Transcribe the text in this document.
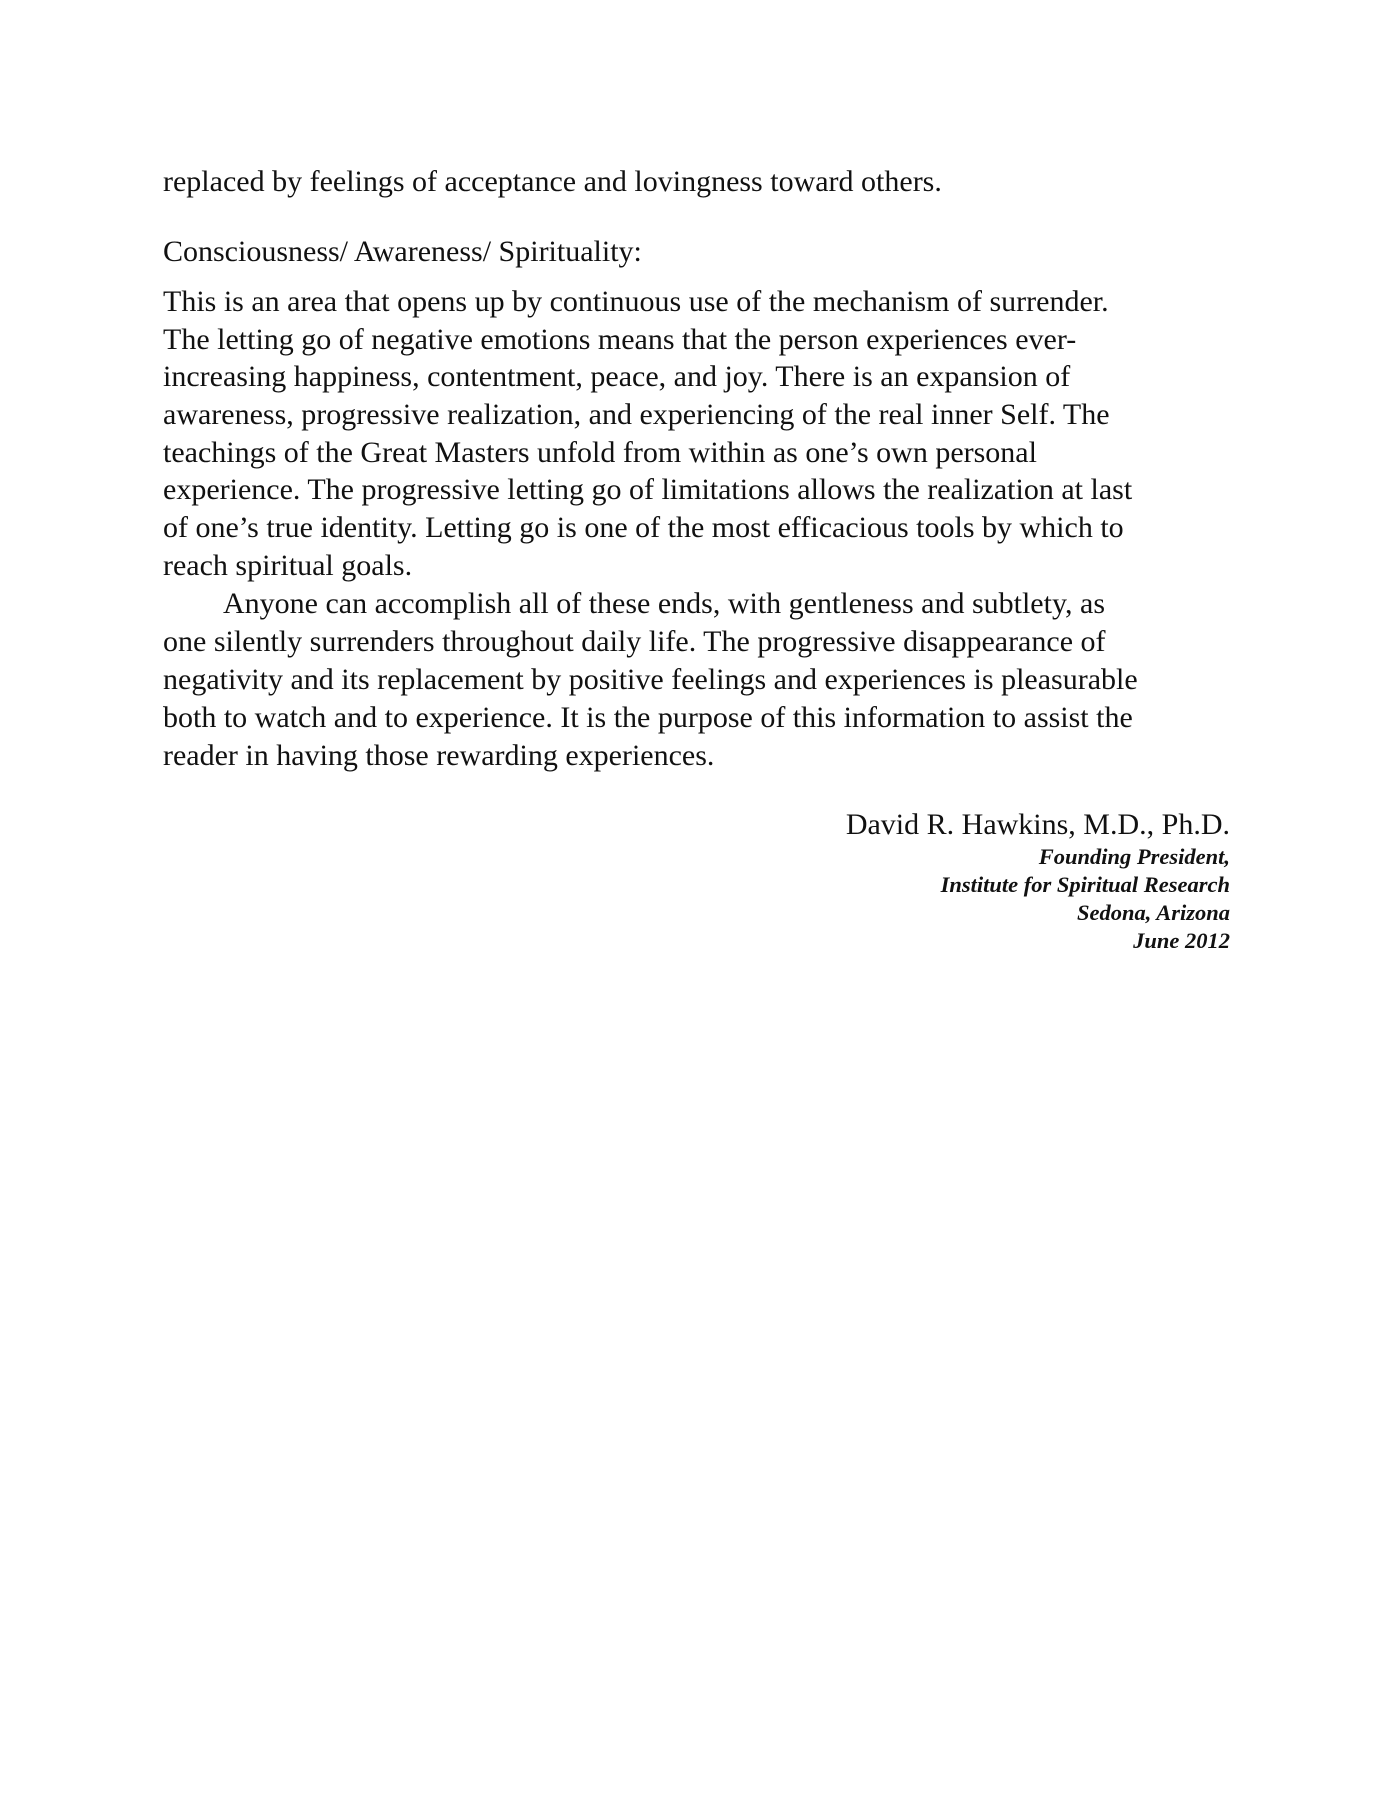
replaced by feelings of acceptance and lovingness toward others.
Consciousness/ Awareness/ Spirituality:
This is an area that opens up by continuous use of the mechanism of surrender.
The letting go of negative emotions means that the person experiences ever-
increasing happiness, contentment, peace, and joy. There is an expansion of
awareness, progressive realization, and experiencing of the real inner Self. The
teachings of the Great Masters unfold from within as one’s own personal
experience. The progressive letting go of limitations allows the realization at last
of one’s true identity. Letting go is one of the most efficacious tools by which to
reach spiritual goals.
Anyone can accomplish all of these ends, with gentleness and subtlety, as
one silently surrenders throughout daily life. The progressive disappearance of
negativity and its replacement by positive feelings and experiences is pleasurable
both to watch and to experience. It is the purpose of this information to assist the
reader in having those rewarding experiences.
David R. Hawkins, M.D., Ph.D.
Founding President,
Institute for Spiritual Research
Sedona, Arizona
June 2012
